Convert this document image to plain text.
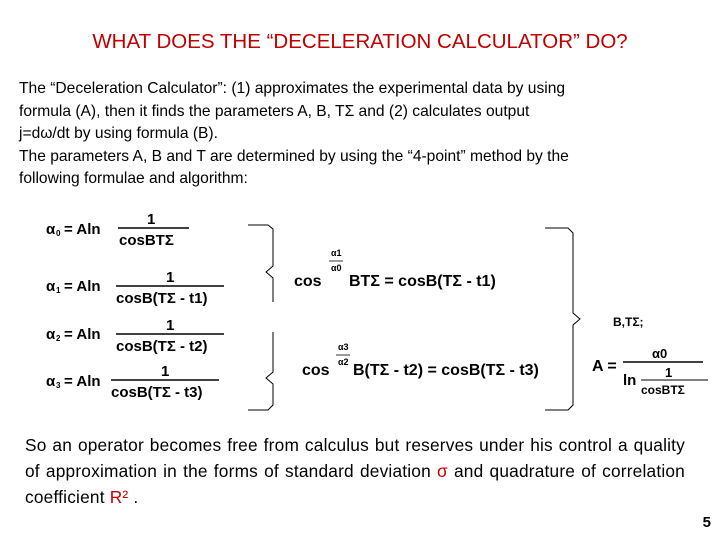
WHAT DOES THE “DECELERATION CALCULATOR” DO?
The “Deceleration Calculator”: (1) approximates the experimental data by using
formula (A), then it finds the parameters A, B, TΣ and (2) calculates output
j=dω/dt by using formula (B).
The parameters A, B and T are determined by using the “4-point” method by the
following formulae and algorithm:
α 0 = Aln
1
cosBTΣ
α 1 = Aln
1
cosB(TΣ - t1)
α 2 = Aln
1
cosB(TΣ - t2)
α 3 = Aln
1
cosB(TΣ - t3)
cos
α1
α0
BTΣ = cosB(TΣ - t1)
cos
α3
α2 B(TΣ - t2) = cosB(TΣ - t3)
B,TΣ;
A =
α0
ln 1
cosBTΣ
So an operator becomes free from calculus but reserves under his control a quality of approximation in the forms of standard deviation σ and quadrature of correlation coefficient R² .
5
